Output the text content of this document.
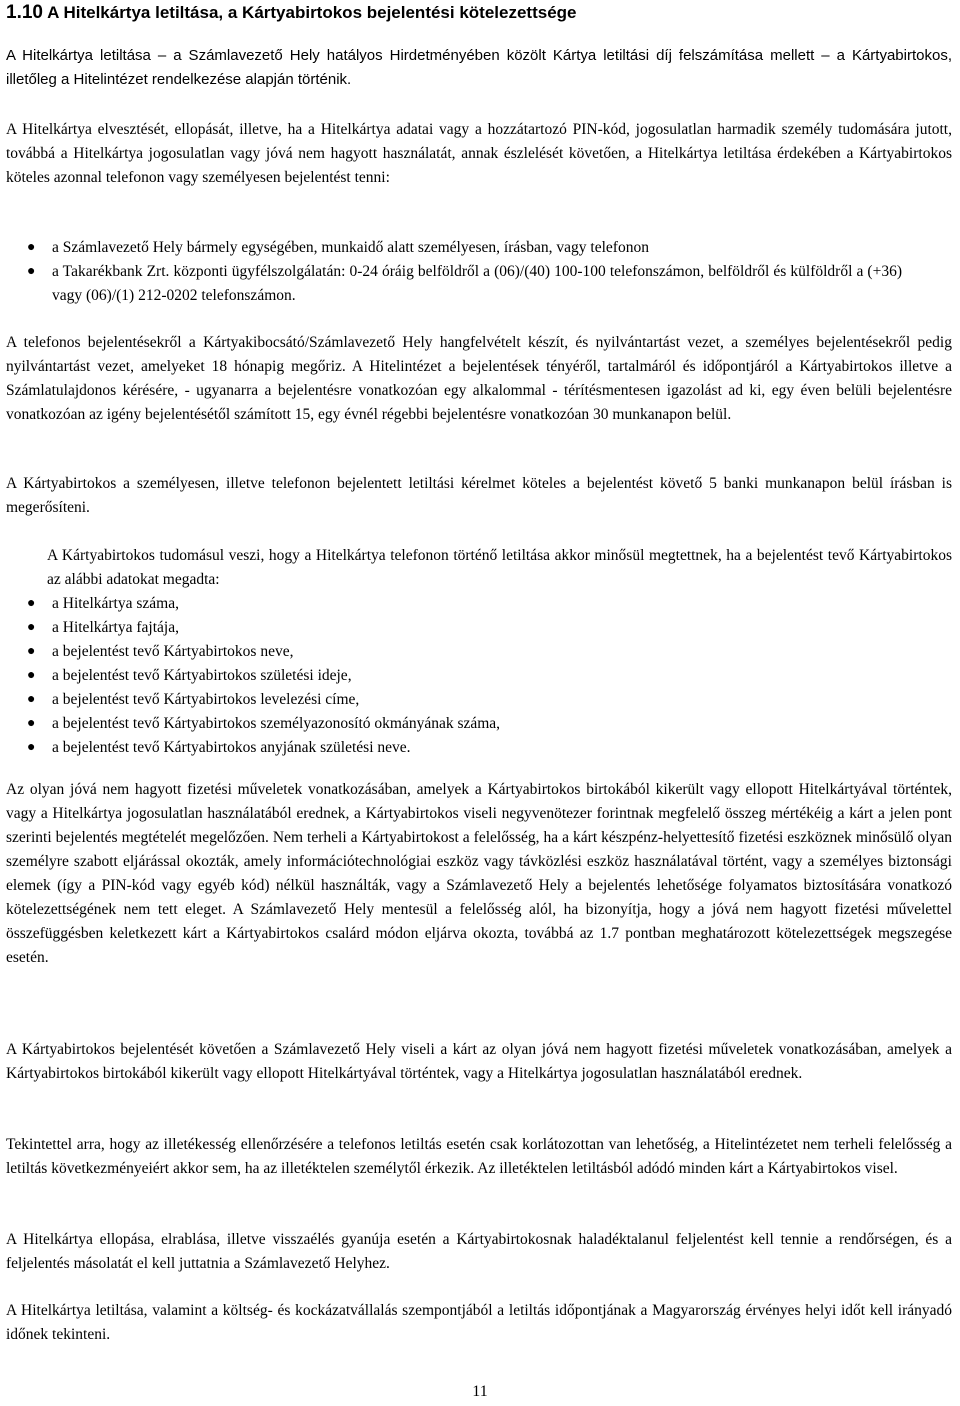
1.10 A Hitelkártya letiltása, a Kártyabirtokos bejelentési kötelezettsége

A Hitelkártya letiltása – a Számlavezető Hely hatályos Hirdetményében közölt Kártya letiltási díj felszámítása mellett – a Kártyabirtokos, illetőleg a Hitelintézet rendelkezése alapján történik.

A Hitelkártya elvesztését, ellopását, illetve, ha a Hitelkártya adatai vagy a hozzátartozó PIN-kód, jogosulatlan harmadik személy tudomására jutott, továbbá a Hitelkártya jogosulatlan vagy jóvá nem hagyott használatát, annak észlelését követően, a Hitelkártya letiltása érdekében a Kártyabirtokos köteles azonnal telefonon vagy személyesen bejelentést tenni:

● a Számlavezető Hely bármely egységében, munkaidő alatt személyesen, írásban, vagy telefonon
● a Takarékbank Zrt. központi ügyfélszolgálatán: 0-24 óráig belföldről a (06)/(40) 100-100 telefonszámon, belföldről és külföldről a (+36) vagy (06)/(1) 212-0202 telefonszámon.

A telefonos bejelentésekről a Kártyakibocsátó/Számlavezető Hely hangfelvételt készít, és nyilvántartást vezet, a személyes bejelentésekről pedig nyilvántartást vezet, amelyeket 18 hónapig megőriz. A Hitelintézet a bejelentések tényéről, tartalmáról és időpontjáról a Kártyabirtokos illetve a Számlatulajdonos kérésére, - ugyanarra a bejelentésre vonatkozóan egy alkalommal - térítésmentesen igazolást ad ki, egy éven belüli bejelentésre vonatkozóan az igény bejelentésétől számított 15, egy évnél régebbi bejelentésre vonatkozóan 30 munkanapon belül.

A Kártyabirtokos a személyesen, illetve telefonon bejelentett letiltási kérelmet köteles a bejelentést követő 5 banki munkanapon belül írásban is megerősíteni.

A Kártyabirtokos tudomásul veszi, hogy a Hitelkártya telefonon történő letiltása akkor minősül megtettnek, ha a bejelentést tevő Kártyabirtokos az alábbi adatokat megadta:

● a Hitelkártya száma,
● a Hitelkártya fajtája,
● a bejelentést tevő Kártyabirtokos neve,
● a bejelentést tevő Kártyabirtokos születési ideje,
● a bejelentést tevő Kártyabirtokos levelezési címe,
● a bejelentést tevő Kártyabirtokos személyazonosító okmányának száma,
● a bejelentést tevő Kártyabirtokos anyjának születési neve.

Az olyan jóvá nem hagyott fizetési műveletek vonatkozásában, amelyek a Kártyabirtokos birtokából kikerült vagy ellopott Hitelkártyával történtek, vagy a Hitelkártya jogosulatlan használatából erednek, a Kártyabirtokos viseli negyvenötezer forintnak megfelelő összeg mértékéig a kárt a jelen pont szerinti bejelentés megtételét megelőzően. Nem terheli a Kártyabirtokost a felelősség, ha a kárt készpénz-helyettesítő fizetési eszköznek minősülő olyan személyre szabott eljárással okozták, amely információtechnológiai eszköz vagy távközlési eszköz használatával történt, vagy a személyes biztonsági elemek (így a PIN-kód vagy egyéb kód) nélkül használták, vagy a Számlavezető Hely a bejelentés lehetősége folyamatos biztosítására vonatkozó kötelezettségének nem tett eleget. A Számlavezető Hely mentesül a felelősség alól, ha bizonyítja, hogy a jóvá nem hagyott fizetési művelettel összefüggésben keletkezett kárt a Kártyabirtokos csalárd módon eljárva okozta, továbbá az 1.7 pontban meghatározott kötelezettségek megszegése esetén.

A Kártyabirtokos bejelentését követően a Számlavezető Hely viseli a kárt az olyan jóvá nem hagyott fizetési műveletek vonatkozásában, amelyek a Kártyabirtokos birtokából kikerült vagy ellopott Hitelkártyával történtek, vagy a Hitelkártya jogosulatlan használatából erednek.

Tekintettel arra, hogy az illetékesség ellenőrzésére a telefonos letiltás esetén csak korlátozottan van lehetőség, a Hitelintézetet nem terheli felelősség a letiltás következményeiért akkor sem, ha az illetéktelen személytől érkezik. Az illetéktelen letiltásból adódó minden kárt a Kártyabirtokos visel.

A Hitelkártya ellopása, elrablása, illetve visszaélés gyanúja esetén a Kártyabirtokosnak haladéktalanul feljelentést kell tennie a rendőrségen, és a feljelentés másolatát el kell juttatnia a Számlavezető Helyhez.

A Hitelkártya letiltása, valamint a költség- és kockázatvállalás szempontjából a letiltás időpontjának a Magyarország érvényes helyi időt kell irányadó időnek tekinteni.

11
